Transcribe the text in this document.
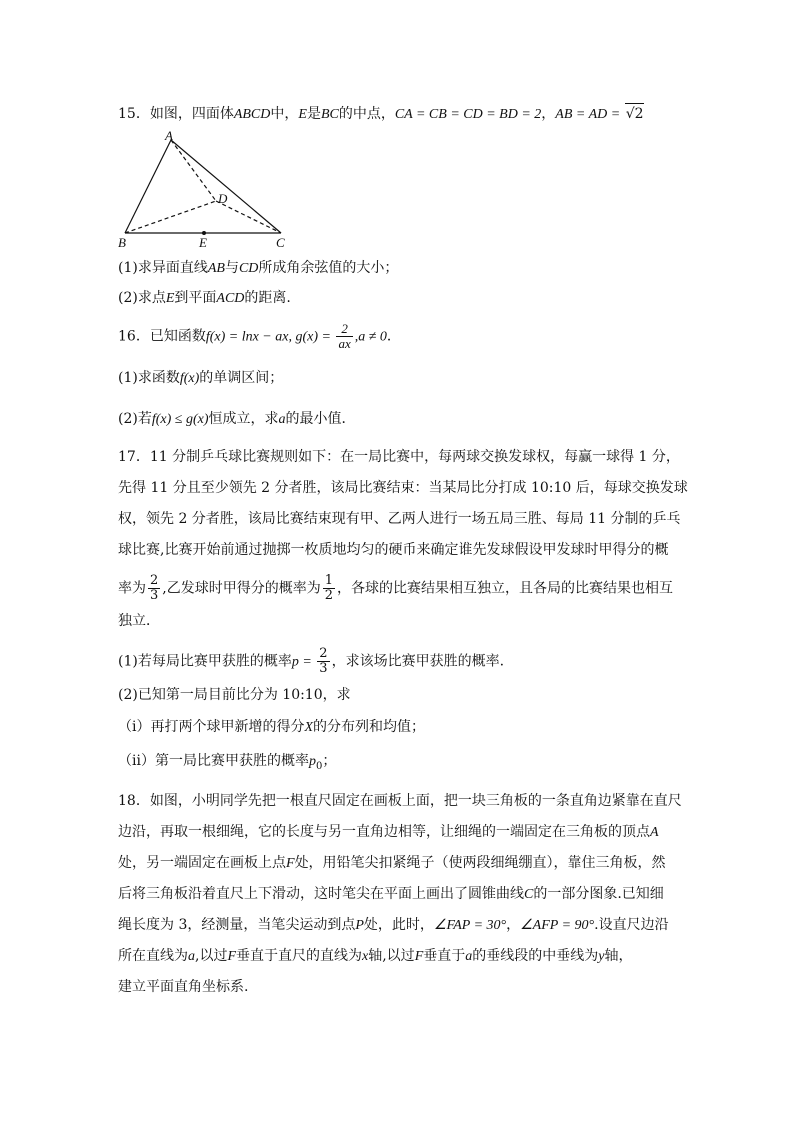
15．如图，四面体ABCD中，E是BC的中点，CA = CB = CD = BD = 2，AB = AD = √2
A
B	C
D
E
(1)求异面直线AB与CD所成角余弦值的大小；
(2)求点E到平面ACD的距离.
16．已知函数f(x) = lnx − ax, $g(x) = \frac{2}{ax} ,a \ne 0$．
(1)求函数f(x)的单调区间；
(2)若f(x) ≤ g(x)恒成立，求a的最小值．
17．11 分制乒乓球比赛规则如下：在一局比赛中，每两球交换发球权，每赢一球得 1 分，
先得 11 分且至少领先 2 分者胜，该局比赛结束：当某局比分打成 10:10 后，每球交换发球
权，领先 2 分者胜，该局比赛结束现有甲、乙两人进行一场五局三胜、每局 11 分制的乒乓
球比赛,比赛开始前通过抛掷一枚质地均匀的硬币来确定谁先发球假设甲发球时甲得分的概
率为 $\frac{2}{3}$ ,乙发球时甲得分的概率为 $\frac{1}{2}$ ，各球的比赛结果相互独立，且各局的比赛结果也相互
独立．
(1)若每局比赛甲获胜的概率$p = \frac{2}{3}$ ，求该场比赛甲获胜的概率.
(2)已知第一局目前比分为 10:10，求
（ⅰ）再打两个球甲新增的得分X的分布列和均值；
（ⅱ）第一局比赛甲获胜的概率$p_0$；
18．如图，小明同学先把一根直尺固定在画板上面，把一块三角板的一条直角边紧靠在直尺
边沿，再取一根细绳，它的长度与另一直角边相等，让细绳的一端固定在三角板的顶点A
处，另一端固定在画板上点F处，用铅笔尖扣紧绳子（使两段细绳绷直），靠住三角板，然
后将三角板沿着直尺上下滑动，这时笔尖在平面上画出了圆锥曲线C的一部分图象.已知细
绳长度为 3，经测量，当笔尖运动到点P处，此时，∠FAP = 30°，∠AFP = 90°.设直尺边沿
所在直线为a,以过F垂直于直尺的直线为x轴,以过F垂直于a的垂线段的中垂线为y轴，
建立平面直角坐标系.
